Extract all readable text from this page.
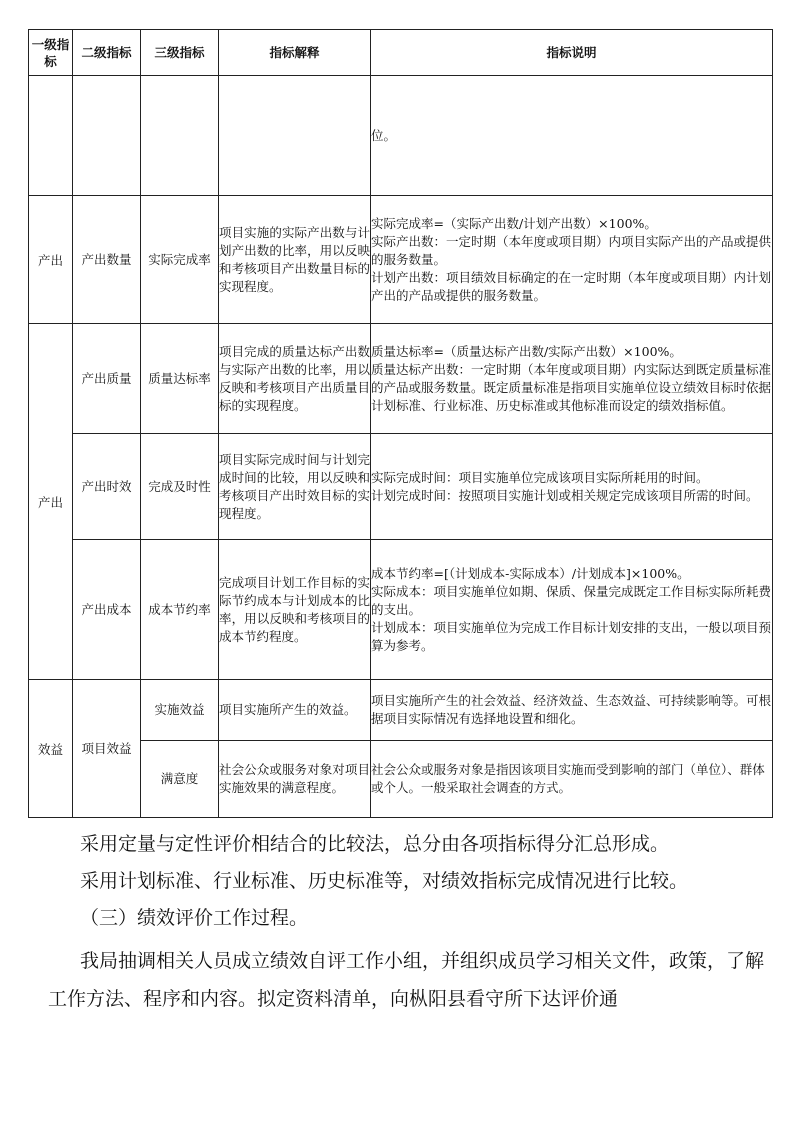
一级指标	二级指标	三级指标	指标解释	指标说明
				位。
产出	产出数量	实际完成率	项目实施的实际产出数与计划产出数的比率，用以反映和考核项目产出数量目标的实现程度。	实际完成率=（实际产出数/计划产出数）×100%。
实际产出数：一定时期（本年度或项目期）内项目实际产出的产品或提供的服务数量。
计划产出数：项目绩效目标确定的在一定时期（本年度或项目期）内计划产出的产品或提供的服务数量。

产出	产出质量	质量达标率	项目完成的质量达标产出数与实际产出数的比率，用以反映和考核项目产出质量目标的实现程度。	质量达标率=（质量达标产出数/实际产出数）×100%。
质量达标产出数：一定时期（本年度或项目期）内实际达到既定质量标准的产品或服务数量。既定质量标准是指项目实施单位设立绩效目标时依据计划标准、行业标准、历史标准或其他标准而设定的绩效指标值。

	产出时效	完成及时性	项目实际完成时间与计划完成时间的比较，用以反映和考核项目产出时效目标的实现程度。	实际完成时间：项目实施单位完成该项目实际所耗用的时间。
计划完成时间：按照项目实施计划或相关规定完成该项目所需的时间。

	产出成本	成本节约率	完成项目计划工作目标的实际节约成本与计划成本的比率，用以反映和考核项目的成本节约程度。	成本节约率=[（计划成本-实际成本）/计划成本]×100%。
实际成本：项目实施单位如期、保质、保量完成既定工作目标实际所耗费的支出。
计划成本：项目实施单位为完成工作目标计划安排的支出，一般以项目预算为参考。

效益	项目效益	实施效益	项目实施所产生的效益。	项目实施所产生的社会效益、经济效益、生态效益、可持续影响等。可根据项目实际情况有选择地设置和细化。

		满意度	社会公众或服务对象对项目实施效果的满意程度。	社会公众或服务对象是指因该项目实施而受到影响的部门（单位）、群体或个人。一般采取社会调查的方式。

采用定量与定性评价相结合的比较法，总分由各项指标得分汇总形成。

采用计划标准、行业标准、历史标准等，对绩效指标完成情况进行比较。

（三）绩效评价工作过程。

我局抽调相关人员成立绩效自评工作小组，并组织成员学习相关文件，政策，了解工作方法、程序和内容。拟定资料清单，向枞阳县看守所下达评价通
